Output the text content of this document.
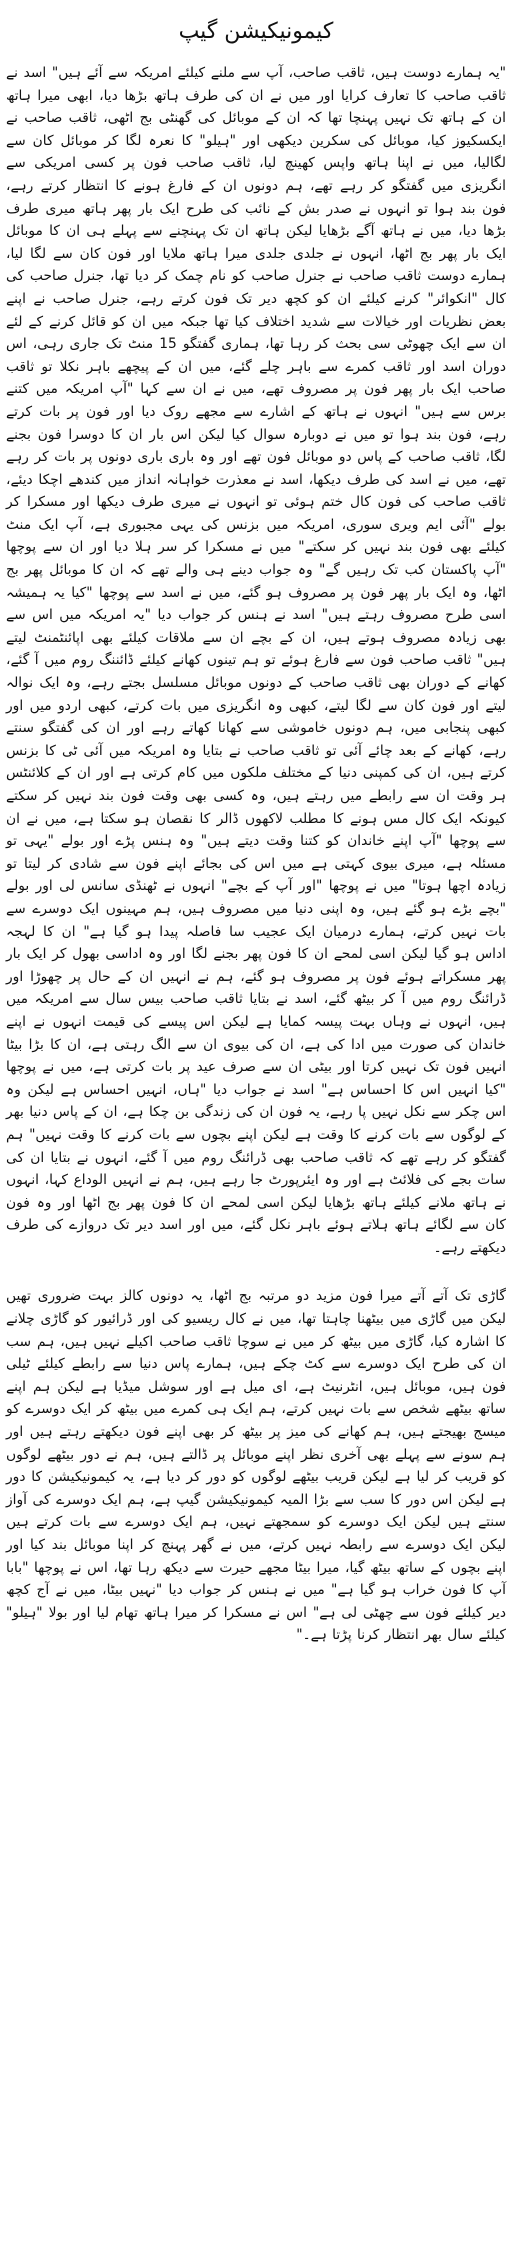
کیمونیکیشن گیپ

"یہ ہمارے دوست ہیں، ثاقب صاحب، آپ سے ملنے کیلئے امریکہ سے آئے ہیں" اسد نے ثاقب صاحب کا تعارف کرایا اور میں نے ان کی طرف ہاتھ بڑھا دیا، ابھی میرا ہاتھ ان کے ہاتھ تک نہیں پہنچا تھا کہ ان کے موبائل کی گھنٹی بج اٹھی، ثاقب صاحب نے ایکسکیوز کیا، موبائل کی سکرین دیکھی اور "ہیلو" کا نعرہ لگا کر موبائل کان سے لگالیا، میں نے اپنا ہاتھ واپس کھینچ لیا، ثاقب صاحب فون پر کسی امریکی سے انگریزی میں گفتگو کر رہے تھے، ہم دونوں ان کے فارغ ہونے کا انتظار کرتے رہے، فون بند ہوا تو انہوں نے صدر بش کے نائب کی طرح ایک بار پھر ہاتھ میری طرف بڑھا دیا، میں نے ہاتھ آگے بڑھایا لیکن ہاتھ ان تک پہنچنے سے پہلے ہی ان کا موبائل ایک بار پھر بج اٹھا، انہوں نے جلدی جلدی میرا ہاتھ ملایا اور فون کان سے لگا لیا، ہمارے دوست ثاقب صاحب نے جنرل صاحب کو نام چمک کر دیا تھا، جنرل صاحب کی کال "انکوائر" کرنے کیلئے ان کو کچھ دیر تک فون کرتے رہے، جنرل صاحب نے اپنے بعض نظریات اور خیالات سے شدید اختلاف کیا تھا جبکہ میں ان کو قائل کرنے کے لئے ان سے ایک چھوٹی سی بحث کر رہا تھا، ہماری گفتگو 15 منٹ تک جاری رہی، اس دوران اسد اور ثاقب کمرے سے باہر چلے گئے، میں ان کے پیچھے باہر نکلا تو ثاقب صاحب ایک بار پھر فون پر مصروف تھے، میں نے ان سے کہا "آپ امریکہ میں کتنے برس سے ہیں" انہوں نے ہاتھ کے اشارے سے مجھے روک دیا اور فون پر بات کرتے رہے، فون بند ہوا تو میں نے دوبارہ سوال کیا لیکن اس بار ان کا دوسرا فون بجنے لگا، ثاقب صاحب کے پاس دو موبائل فون تھے اور وہ باری باری دونوں پر بات کر رہے تھے، میں نے اسد کی طرف دیکھا، اسد نے معذرت خواہانہ انداز میں کندھے اچکا دیئے، ثاقب صاحب کی فون کال ختم ہوئی تو انہوں نے میری طرف دیکھا اور مسکرا کر بولے "آئی ایم ویری سوری، امریکہ میں بزنس کی یہی مجبوری ہے، آپ ایک منٹ کیلئے بھی فون بند نہیں کر سکتے" میں نے مسکرا کر سر ہلا دیا اور ان سے پوچھا "آپ پاکستان کب تک رہیں گے" وہ جواب دینے ہی والے تھے کہ ان کا موبائل پھر بج اٹھا، وہ ایک بار پھر فون پر مصروف ہو گئے، میں نے اسد سے پوچھا "کیا یہ ہمیشہ اسی طرح مصروف رہتے ہیں" اسد نے ہنس کر جواب دیا "یہ امریکہ میں اس سے بھی زیادہ مصروف ہوتے ہیں، ان کے بچے ان سے ملاقات کیلئے بھی اپائنٹمنٹ لیتے ہیں" ثاقب صاحب فون سے فارغ ہوئے تو ہم تینوں کھانے کیلئے ڈائننگ روم میں آ گئے، کھانے کے دوران بھی ثاقب صاحب کے دونوں موبائل مسلسل بجتے رہے، وہ ایک نوالہ لیتے اور فون کان سے لگا لیتے، کبھی وہ انگریزی میں بات کرتے، کبھی اردو میں اور کبھی پنجابی میں، ہم دونوں خاموشی سے کھانا کھاتے رہے اور ان کی گفتگو سنتے رہے، کھانے کے بعد چائے آئی تو ثاقب صاحب نے بتایا وہ امریکہ میں آئی ٹی کا بزنس کرتے ہیں، ان کی کمپنی دنیا کے مختلف ملکوں میں کام کرتی ہے اور ان کے کلائنٹس ہر وقت ان سے رابطے میں رہتے ہیں، وہ کسی بھی وقت فون بند نہیں کر سکتے کیونکہ ایک کال مس ہونے کا مطلب لاکھوں ڈالر کا نقصان ہو سکتا ہے، میں نے ان سے پوچھا "آپ اپنے خاندان کو کتنا وقت دیتے ہیں" وہ ہنس پڑے اور بولے "یہی تو مسئلہ ہے، میری بیوی کہتی ہے میں اس کی بجائے اپنے فون سے شادی کر لیتا تو زیادہ اچھا ہوتا" میں نے پوچھا "اور آپ کے بچے" انہوں نے ٹھنڈی سانس لی اور بولے "بچے بڑے ہو گئے ہیں، وہ اپنی دنیا میں مصروف ہیں، ہم مہینوں ایک دوسرے سے بات نہیں کرتے، ہمارے درمیان ایک عجیب سا فاصلہ پیدا ہو گیا ہے" ان کا لہجہ اداس ہو گیا لیکن اسی لمحے ان کا فون پھر بجنے لگا اور وہ اداسی بھول کر ایک بار پھر مسکراتے ہوئے فون پر مصروف ہو گئے، ہم نے انہیں ان کے حال پر چھوڑا اور ڈرائنگ روم میں آ کر بیٹھ گئے، اسد نے بتایا ثاقب صاحب بیس سال سے امریکہ میں ہیں، انہوں نے وہاں بہت پیسہ کمایا ہے لیکن اس پیسے کی قیمت انہوں نے اپنے خاندان کی صورت میں ادا کی ہے، ان کی بیوی ان سے الگ رہتی ہے، ان کا بڑا بیٹا انہیں فون تک نہیں کرتا اور بیٹی ان سے صرف عید پر بات کرتی ہے، میں نے پوچھا "کیا انہیں اس کا احساس ہے" اسد نے جواب دیا "ہاں، انہیں احساس ہے لیکن وہ اس چکر سے نکل نہیں پا رہے، یہ فون ان کی زندگی بن چکا ہے، ان کے پاس دنیا بھر کے لوگوں سے بات کرنے کا وقت ہے لیکن اپنے بچوں سے بات کرنے کا وقت نہیں" ہم گفتگو کر رہے تھے کہ ثاقب صاحب بھی ڈرائنگ روم میں آ گئے، انہوں نے بتایا ان کی سات بجے کی فلائٹ ہے اور وہ ایئرپورٹ جا رہے ہیں، ہم نے انہیں الوداع کہا، انہوں نے ہاتھ ملانے کیلئے ہاتھ بڑھایا لیکن اسی لمحے ان کا فون پھر بج اٹھا اور وہ فون کان سے لگائے ہاتھ ہلاتے ہوئے باہر نکل گئے، میں اور اسد دیر تک دروازے کی طرف دیکھتے رہے۔

گاڑی تک آتے آتے میرا فون مزید دو مرتبہ بج اٹھا، یہ دونوں کالز بہت ضروری تھیں لیکن میں گاڑی میں بیٹھنا چاہتا تھا، میں نے کال ریسیو کی اور ڈرائیور کو گاڑی چلانے کا اشارہ کیا، گاڑی میں بیٹھ کر میں نے سوچا ثاقب صاحب اکیلے نہیں ہیں، ہم سب ان کی طرح ایک دوسرے سے کٹ چکے ہیں، ہمارے پاس دنیا سے رابطے کیلئے ٹیلی فون ہیں، موبائل ہیں، انٹرنیٹ ہے، ای میل ہے اور سوشل میڈیا ہے لیکن ہم اپنے ساتھ بیٹھے شخص سے بات نہیں کرتے، ہم ایک ہی کمرے میں بیٹھ کر ایک دوسرے کو میسج بھیجتے ہیں، ہم کھانے کی میز پر بیٹھ کر بھی اپنے فون دیکھتے رہتے ہیں اور ہم سونے سے پہلے بھی آخری نظر اپنے موبائل پر ڈالتے ہیں، ہم نے دور بیٹھے لوگوں کو قریب کر لیا ہے لیکن قریب بیٹھے لوگوں کو دور کر دیا ہے، یہ کیمونیکیشن کا دور ہے لیکن اس دور کا سب سے بڑا المیہ کیمونیکیشن گیپ ہے، ہم ایک دوسرے کی آواز سنتے ہیں لیکن ایک دوسرے کو سمجھتے نہیں، ہم ایک دوسرے سے بات کرتے ہیں لیکن ایک دوسرے سے رابطہ نہیں کرتے، میں نے گھر پہنچ کر اپنا موبائل بند کیا اور اپنے بچوں کے ساتھ بیٹھ گیا، میرا بیٹا مجھے حیرت سے دیکھ رہا تھا، اس نے پوچھا "بابا آپ کا فون خراب ہو گیا ہے" میں نے ہنس کر جواب دیا "نہیں بیٹا، میں نے آج کچھ دیر کیلئے فون سے چھٹی لی ہے" اس نے مسکرا کر میرا ہاتھ تھام لیا اور بولا "ہیلو" کیلئے سال بھر انتظار کرنا پڑتا ہے۔"
